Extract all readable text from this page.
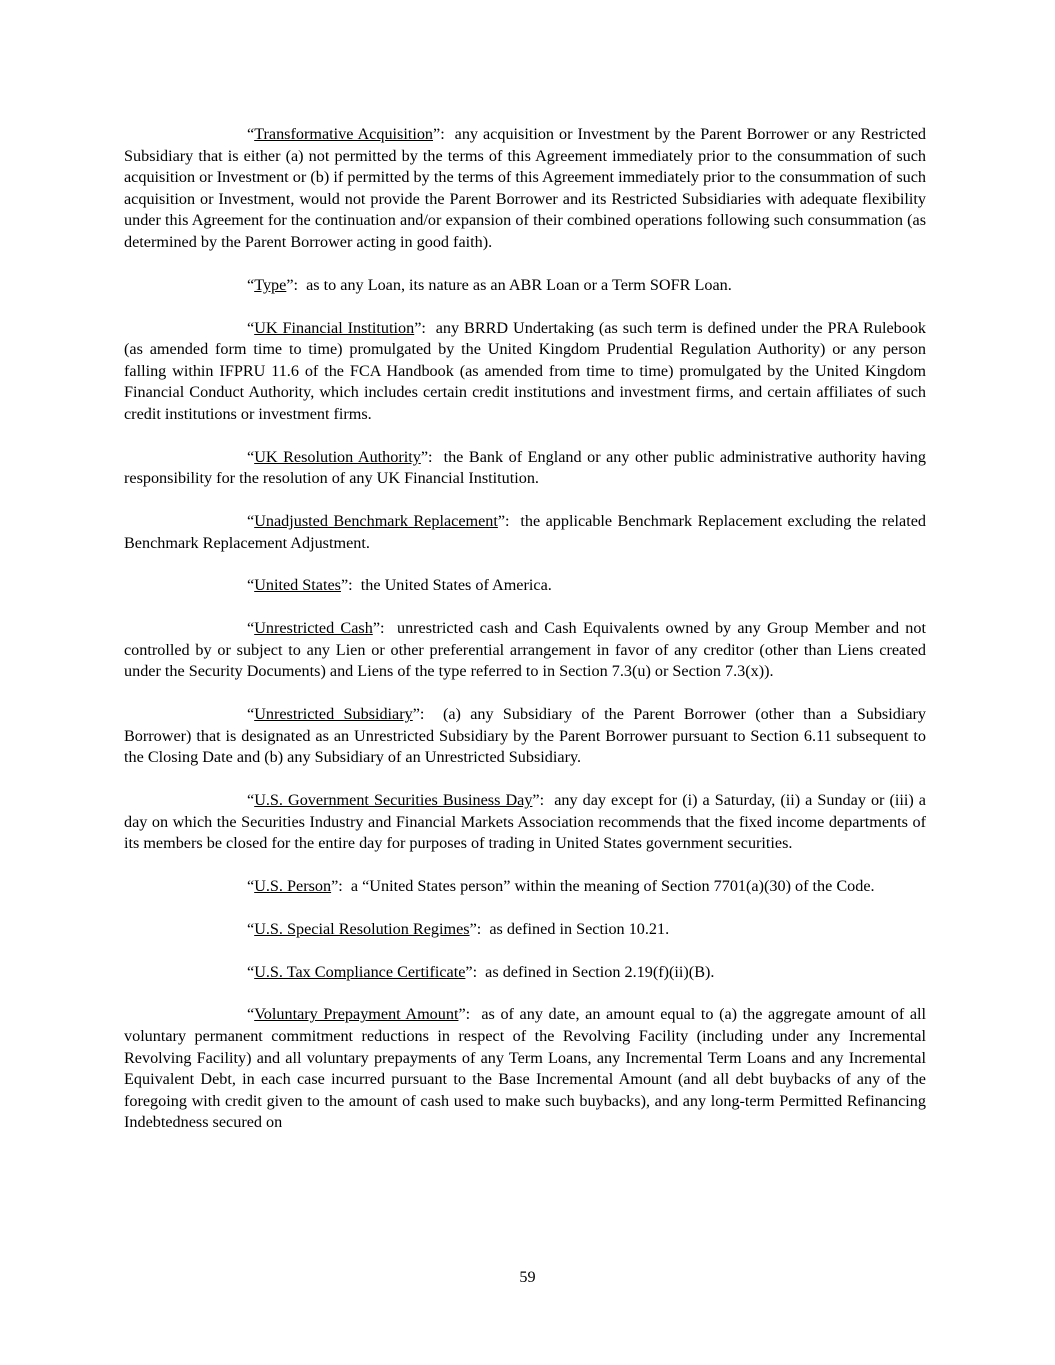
“Transformative Acquisition”:  any acquisition or Investment by the Parent Borrower or any Restricted Subsidiary that is either (a) not permitted by the terms of this Agreement immediately prior to the consummation of such acquisition or Investment or (b) if permitted by the terms of this Agreement immediately prior to the consummation of such acquisition or Investment, would not provide the Parent Borrower and its Restricted Subsidiaries with adequate flexibility under this Agreement for the continuation and/or expansion of their combined operations following such consummation (as determined by the Parent Borrower acting in good faith).

“Type”:  as to any Loan, its nature as an ABR Loan or a Term SOFR Loan.

“UK Financial Institution”:  any BRRD Undertaking (as such term is defined under the PRA Rulebook (as amended form time to time) promulgated by the United Kingdom Prudential Regulation Authority) or any person falling within IFPRU 11.6 of the FCA Handbook (as amended from time to time) promulgated by the United Kingdom Financial Conduct Authority, which includes certain credit institutions and investment firms, and certain affiliates of such credit institutions or investment firms.

“UK Resolution Authority”:  the Bank of England or any other public administrative authority having responsibility for the resolution of any UK Financial Institution.

“Unadjusted Benchmark Replacement”:  the applicable Benchmark Replacement excluding the related Benchmark Replacement Adjustment.

“United States”:  the United States of America.

“Unrestricted Cash”:  unrestricted cash and Cash Equivalents owned by any Group Member and not controlled by or subject to any Lien or other preferential arrangement in favor of any creditor (other than Liens created under the Security Documents) and Liens of the type referred to in Section 7.3(u) or Section 7.3(x)).

“Unrestricted Subsidiary”:  (a) any Subsidiary of the Parent Borrower (other than a Subsidiary Borrower) that is designated as an Unrestricted Subsidiary by the Parent Borrower pursuant to Section 6.11 subsequent to the Closing Date and (b) any Subsidiary of an Unrestricted Subsidiary.

“U.S. Government Securities Business Day”:  any day except for (i) a Saturday, (ii) a Sunday or (iii) a day on which the Securities Industry and Financial Markets Association recommends that the fixed income departments of its members be closed for the entire day for purposes of trading in United States government securities.

“U.S. Person”:  a “United States person” within the meaning of Section 7701(a)(30) of the Code.

“U.S. Special Resolution Regimes”:  as defined in Section 10.21.

“U.S. Tax Compliance Certificate”:  as defined in Section 2.19(f)(ii)(B).

“Voluntary Prepayment Amount”:  as of any date, an amount equal to (a) the aggregate amount of all voluntary permanent commitment reductions in respect of the Revolving Facility (including under any Incremental Revolving Facility) and all voluntary prepayments of any Term Loans, any Incremental Term Loans and any Incremental Equivalent Debt, in each case incurred pursuant to the Base Incremental Amount (and all debt buybacks of any of the foregoing with credit given to the amount of cash used to make such buybacks), and any long-term Permitted Refinancing Indebtedness secured on

59
